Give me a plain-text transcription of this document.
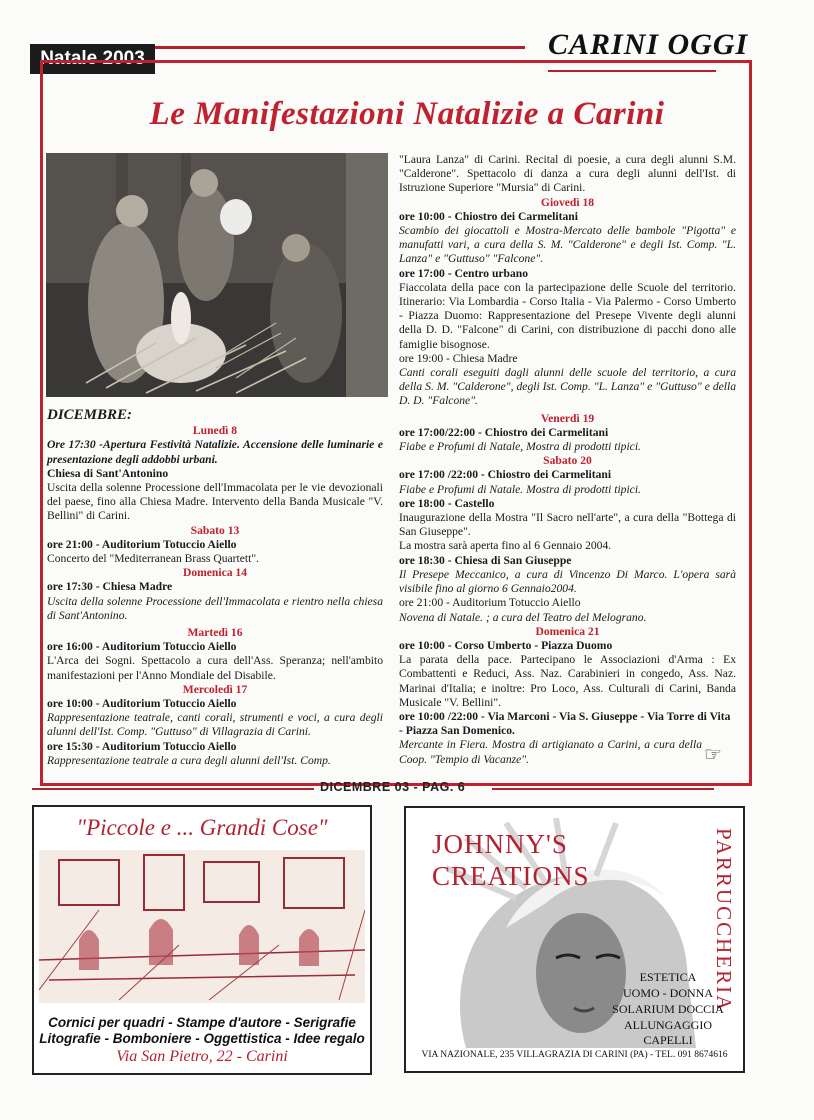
Natale 2003	CARINI OGGI
Le Manifestazioni Natalizie a Carini

DICEMBRE:

Lunedì 8

Ore 17:30 -Apertura Festività Natalizie. Accensione delle luminarie e presentazione degli addobbi urbani.

Chiesa di Sant'Antonino

Uscita della solenne Processione dell'Immacolata per le vie devozionali del paese, fino alla Chiesa Madre. Intervento della Banda Musicale "V. Bellini" di Carini.

Sabato 13

ore 21:00 - Auditorium Totuccio Aiello

Concerto del "Mediterranean Brass Quartett".

Domenica 14

ore 17:30 - Chiesa Madre

Uscita della solenne Processione dell'Immacolata e rientro nella chiesa di Sant'Antonino.

Martedì 16

ore 16:00 - Auditorium Totuccio Aiello

L'Arca dei Sogni. Spettacolo a cura dell'Ass. Speranza; nell'ambito manifestazioni per l'Anno Mondiale del Disabile.

Mercoledì 17

ore 10:00 - Auditorium Totuccio Aiello

Rappresentazione teatrale, canti corali, strumenti e voci, a cura degli alunni dell'Ist. Comp. "Guttuso" di Villagrazia di Carini.

ore 15:30 - Auditorium Totuccio Aiello

Rappresentazione teatrale a cura degli alunni dell'Ist. Comp.

"Laura Lanza" di Carini. Recital di poesie, a cura degli alunni S.M. "Calderone". Spettacolo di danza a cura degli alunni dell'Ist. di Istruzione Superiore "Mursia" di Carini.

Giovedì 18

ore 10:00 - Chiostro dei Carmelitani

Scambio dei giocattoli e Mostra-Mercato delle bambole "Pigotta" e manufatti vari, a cura della S. M. "Calderone" e degli Ist. Comp. "L. Lanza" e "Guttuso" "Falcone".

ore 17:00 - Centro urbano

Fiaccolata della pace con la partecipazione delle Scuole del territorio. Itinerario: Via Lombardia - Corso Italia - Via Palermo - Corso Umberto - Piazza Duomo: Rappresentazione del Presepe Vivente degli alunni della D. D. "Falcone" di Carini, con distribuzione di pacchi dono alle famiglie bisognose.

ore 19:00 - Chiesa Madre

Canti corali eseguiti dagli alunni delle scuole del territorio, a cura della S. M. "Calderone", degli Ist. Comp. "L. Lanza" e "Guttuso" e della D. D. "Falcone".

Venerdì 19

ore 17:00/22:00 - Chiostro dei Carmelitani

Fiabe e Profumi di Natale, Mostra di prodotti tipici.

Sabato 20

ore 17:00 /22:00 - Chiostro dei Carmelitani

Fiabe e Profumi di Natale. Mostra di prodotti tipici.

ore 18:00 - Castello

Inaugurazione della Mostra "Il Sacro nell'arte", a cura della "Bottega di San Giuseppe".

La mostra sarà aperta fino al 6 Gennaio 2004.

ore 18:30 - Chiesa di San Giuseppe

Il Presepe Meccanico, a cura di Vincenzo Di Marco. L'opera sarà visibile fino al giorno 6 Gennaio2004.

ore 21:00 - Auditorium Totuccio Aiello

Novena di Natale. ; a cura del Teatro del Melograno.

Domenica 21

ore 10:00 - Corso Umberto - Piazza Duomo

La parata della pace. Partecipano le Associazioni d'Arma : Ex Combattenti e Reduci, Ass. Naz. Carabinieri in congedo, Ass. Naz. Marinai d'Italia; e inoltre: Pro Loco, Ass. Culturali di Carini, Banda Musicale "V. Bellini".

ore 10:00 /22:00 - Via Marconi - Via S. Giuseppe - Via Torre di Vita - Piazza San Domenico.

Mercante in Fiera. Mostra di artigianato a Carini, a cura della Coop. "Tempio di Vacanze".	☞
DICEMBRE 03 - PAG. 6
"Piccole e ... Grandi Cose"
Cornici per quadri - Stampe d'autore - Serigrafie
Litografie - Bomboniere - Oggettistica - Idee regalo
Via San Pietro, 22 - Carini
JOHNNY'S
CREATIONS	PARRUCCHERIA
ESTETICA
UOMO - DONNA
SOLARIUM DOCCIA
ALLUNGAGGIO CAPELLI
VIA NAZIONALE, 235 VILLAGRAZIA DI CARINI (PA) - TEL. 091 8674616
